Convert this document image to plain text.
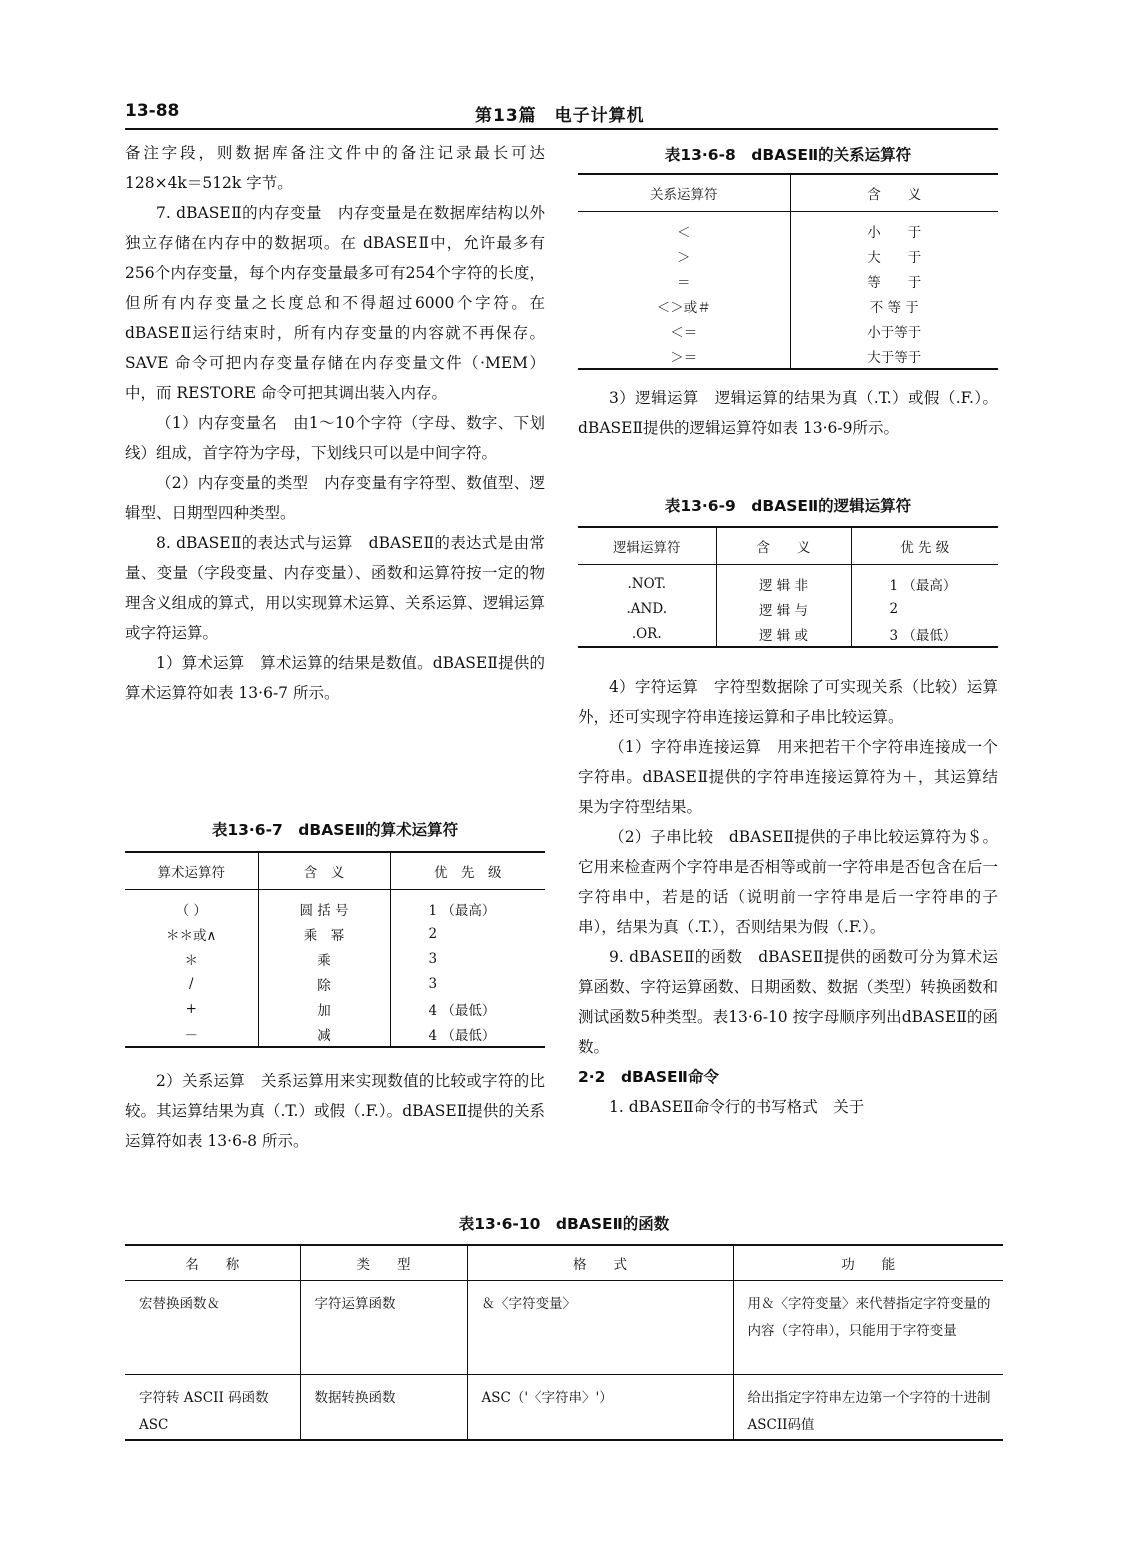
13-88	第13篇　电子计算机

备注字段，则数据库备注文件中的备注记录最长可达 128×4k＝512k 字节。

7. dBASEⅡ的内存变量　内存变量是在数据库结构以外独立存储在内存中的数据项。在 dBASEⅡ中，允许最多有256个内存变量，每个内存变量最多可有254个字符的长度，但所有内存变量之长度总和不得超过6000个字符。在dBASEⅡ运行结束时，所有内存变量的内容就不再保存。SAVE 命令可把内存变量存储在内存变量文件（·MEM）中，而 RESTORE 命令可把其调出装入内存。

（1）内存变量名　由1～10个字符（字母、数字、下划线）组成，首字符为字母，下划线只可以是中间字符。

（2）内存变量的类型　内存变量有字符型、数值型、逻辑型、日期型四种类型。

8. dBASEⅡ的表达式与运算　dBASEⅡ的表达式是由常量、变量（字段变量、内存变量）、函数和运算符按一定的物理含义组成的算式，用以实现算术运算、关系运算、逻辑运算或字符运算。

1）算术运算　算术运算的结果是数值。dBASEⅡ提供的算术运算符如表 13·6-7 所示。

表13·6-7　dBASEⅡ的算术运算符
算术运算符	含　义	优　先　级
（ ）	圆 括 号	1 （最高）
＊＊或∧	乘　幂	2
＊	乘	3
/	除	3
+	加	4 （最低）
－	减	4 （最低）

2）关系运算　关系运算用来实现数值的比较或字符的比较。其运算结果为真（.T.）或假（.F.）。dBASEⅡ提供的关系运算符如表 13·6-8 所示。

表13·6-8　dBASEⅡ的关系运算符
关系运算符	含　　义
＜	小　　于
＞	大　　于
＝	等　　于
＜＞或＃	不 等 于
＜＝	小于等于
＞＝	大于等于

3）逻辑运算　逻辑运算的结果为真（.T.）或假（.F.）。dBASEⅡ提供的逻辑运算符如表 13·6-9所示。

表13·6-9　dBASEⅡ的逻辑运算符
逻辑运算符	含　　义	优 先 级
.NOT.	逻 辑 非	1 （最高）
.AND.	逻 辑 与	2
.OR.	逻 辑 或	3 （最低）

4）字符运算　字符型数据除了可实现关系（比较）运算外，还可实现字符串连接运算和子串比较运算。

（1）字符串连接运算　用来把若干个字符串连接成一个字符串。dBASEⅡ提供的字符串连接运算符为＋，其运算结果为字符型结果。

（2）子串比较　dBASEⅡ提供的子串比较运算符为＄。它用来检查两个字符串是否相等或前一字符串是否包含在后一字符串中，若是的话（说明前一字符串是后一字符串的子串），结果为真（.T.），否则结果为假（.F.）。

9. dBASEⅡ的函数　dBASEⅡ提供的函数可分为算术运算函数、字符运算函数、日期函数、数据（类型）转换函数和测试函数5种类型。表13·6-10 按字母顺序列出dBASEⅡ的函数。

2·2　dBASEⅡ命令

1. dBASEⅡ命令行的书写格式　关于

表13·6-10　dBASEⅡ的函数
名　　称	类　　型	格　　式	功　　能
宏替换函数＆	字符运算函数	＆〈字符变量〉	用＆〈字符变量〉来代替指定字符变量的内容（字符串），只能用于字符变量
字符转 ASCII 码函数ASC	数据转换函数	ASC（'〈字符串〉'）	给出指定字符串左边第一个字符的十进制ASCII码值
